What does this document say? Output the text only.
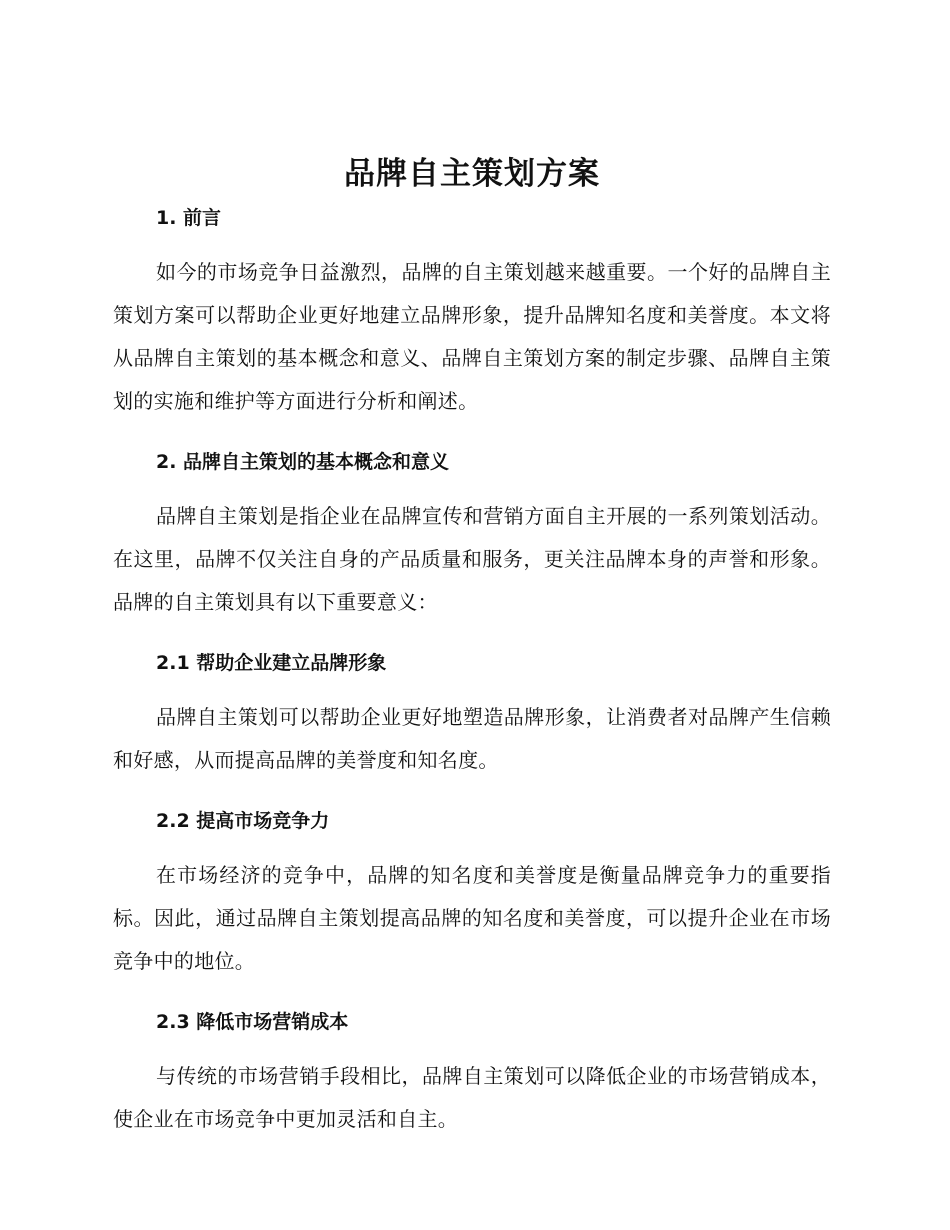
品牌自主策划方案
1. 前言

如今的市场竞争日益激烈，品牌的自主策划越来越重要。一个好的品牌自主策划方案可以帮助企业更好地建立品牌形象，提升品牌知名度和美誉度。本文将从品牌自主策划的基本概念和意义、品牌自主策划方案的制定步骤、品牌自主策划的实施和维护等方面进行分析和阐述。

2. 品牌自主策划的基本概念和意义

品牌自主策划是指企业在品牌宣传和营销方面自主开展的一系列策划活动。在这里，品牌不仅关注自身的产品质量和服务，更关注品牌本身的声誉和形象。品牌的自主策划具有以下重要意义：

2.1 帮助企业建立品牌形象

品牌自主策划可以帮助企业更好地塑造品牌形象，让消费者对品牌产生信赖和好感，从而提高品牌的美誉度和知名度。

2.2 提高市场竞争力

在市场经济的竞争中，品牌的知名度和美誉度是衡量品牌竞争力的重要指标。因此，通过品牌自主策划提高品牌的知名度和美誉度，可以提升企业在市场竞争中的地位。

2.3 降低市场营销成本

与传统的市场营销手段相比，品牌自主策划可以降低企业的市场营销成本，使企业在市场竞争中更加灵活和自主。
